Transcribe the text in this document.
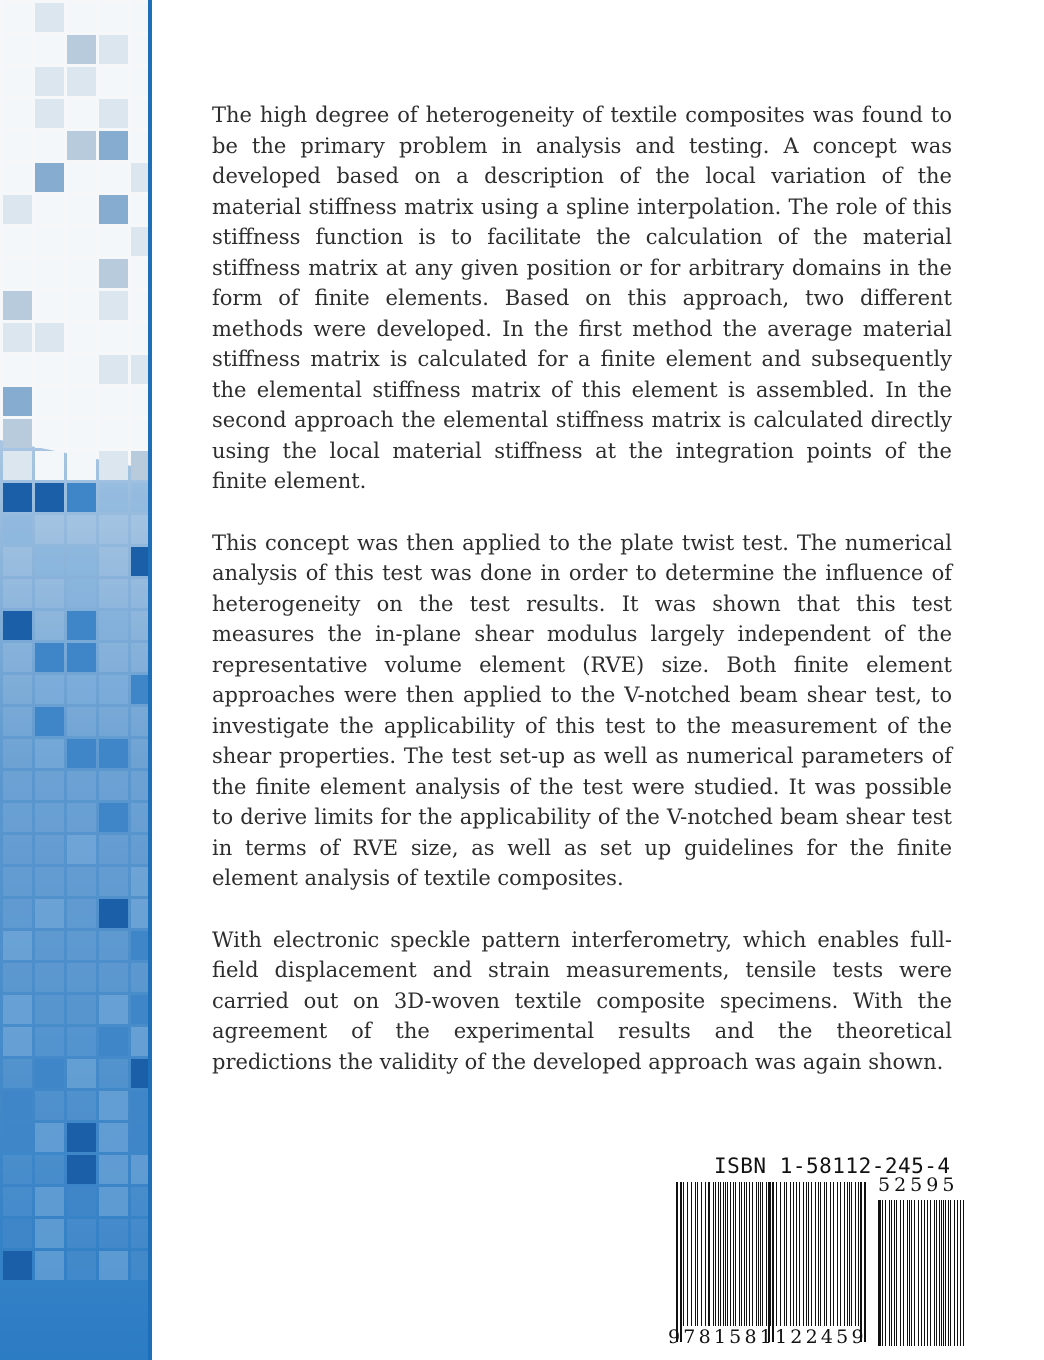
The high degree of heterogeneity of textile composites was found to be the primary problem in analysis and testing. A concept was developed based on a description of the local variation of the material stiffness matrix using a spline interpolation. The role of this stiffness function is to facilitate the calculation of the material stiffness matrix at any given position or for arbitrary domains in the form of finite elements. Based on this approach, two different methods were developed. In the first method the average material stiffness matrix is calculated for a finite element and subsequently the elemental stiffness matrix of this element is assembled. In the second approach the elemental stiffness matrix is calculated directly using the local material stiffness at the integration points of the finite element.

This concept was then applied to the plate twist test. The numerical analysis of this test was done in order to determine the influence of heterogeneity on the test results. It was shown that this test measures the in-plane shear modulus largely independent of the representative volume element (RVE) size. Both finite element approaches were then applied to the V-notched beam shear test, to investigate the applicability of this test to the measurement of the shear properties. The test set-up as well as numerical parameters of the finite element analysis of the test were studied. It was possible to derive limits for the applicability of the V-notched beam shear test in terms of RVE size, as well as set up guidelines for the finite element analysis of textile composites.

With electronic speckle pattern interferometry, which enables full-field displacement and strain measurements, tensile tests were carried out on 3D-woven textile composite specimens. With the agreement of the experimental results and the theoretical predictions the validity of the developed approach was again shown.

ISBN 1-58112-245-4
52595
9781581122459
